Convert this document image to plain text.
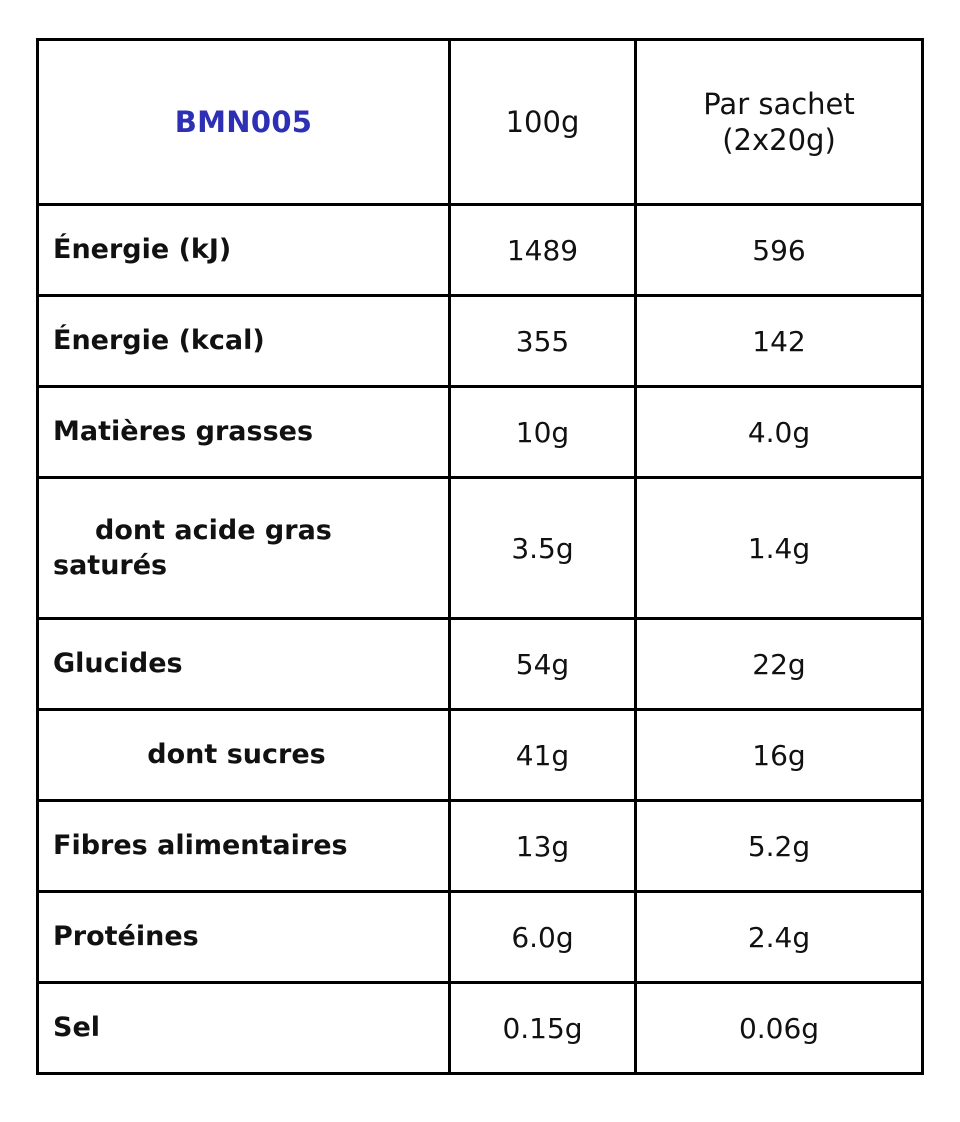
BMN005	100g	Par sachet
(2x20g)
Énergie (kJ)	1489	596
Énergie (kcal)	355	142
Matières grasses	10g	4.0g
dont acide gras saturés	3.5g	1.4g
Glucides	54g	22g
dont sucres	41g	16g
Fibres alimentaires	13g	5.2g
Protéines	6.0g	2.4g
Sel	0.15g	0.06g
